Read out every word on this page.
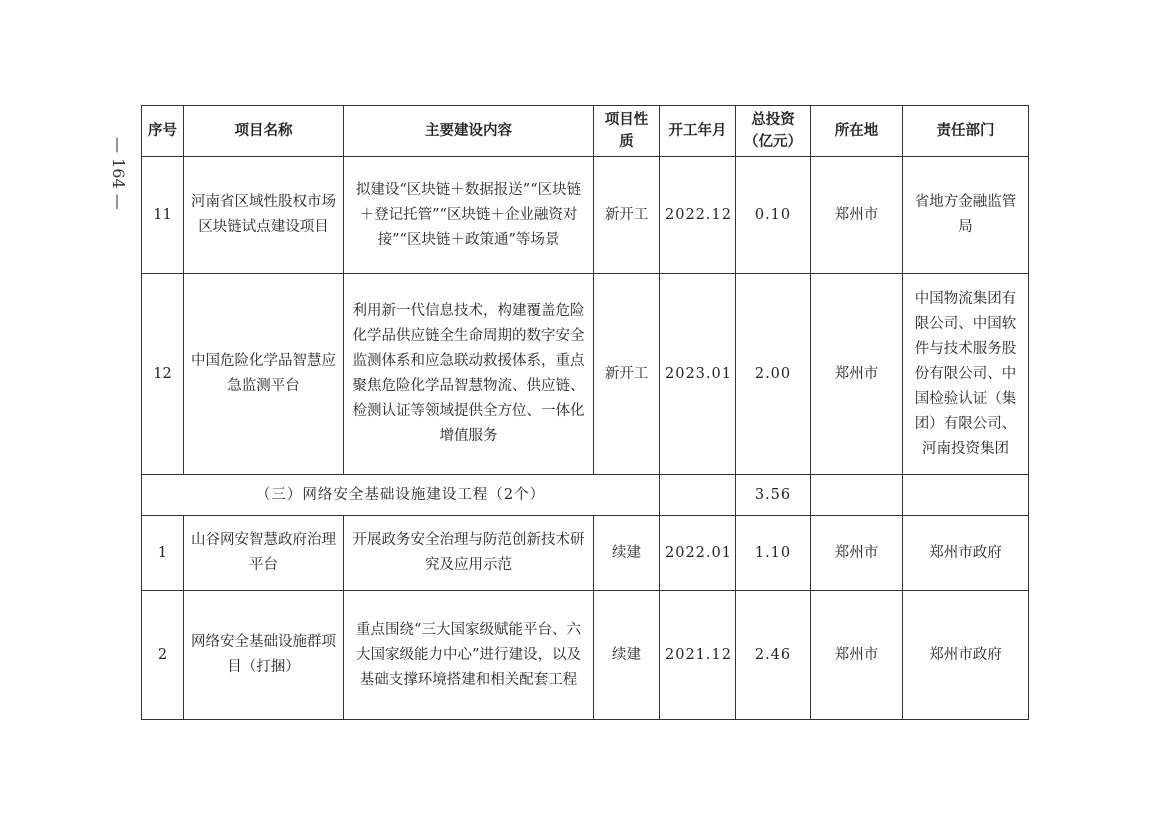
— 164 —
序号	项目名称	主要建设内容	项目性质	开工年月	总投资（亿元）	所在地	责任部门
11	河南省区域性股权市场区块链试点建设项目	拟建设“区块链＋数据报送”“区块链＋登记托管”“区块链＋企业融资对接”“区块链＋政策通”等场景	新开工	2022.12	0.10	郑州市	省地方金融监管局
12	中国危险化学品智慧应急监测平台	利用新一代信息技术，构建覆盖危险化学品供应链全生命周期的数字安全监测体系和应急联动救援体系，重点聚焦危险化学品智慧物流、供应链、检测认证等领域提供全方位、一体化增值服务	新开工	2023.01	2.00	郑州市	中国物流集团有限公司、中国软件与技术服务股份有限公司、中国检验认证（集团）有限公司、河南投资集团
（三）网络安全基础设施建设工程（2个）					3.56		
1	山谷网安智慧政府治理平台	开展政务安全治理与防范创新技术研究及应用示范	续建	2022.01	1.10	郑州市	郑州市政府
2	网络安全基础设施群项目（打捆）	重点围绕“三大国家级赋能平台、六大国家级能力中心”进行建设，以及基础支撑环境搭建和相关配套工程	续建	2021.12	2.46	郑州市	郑州市政府
